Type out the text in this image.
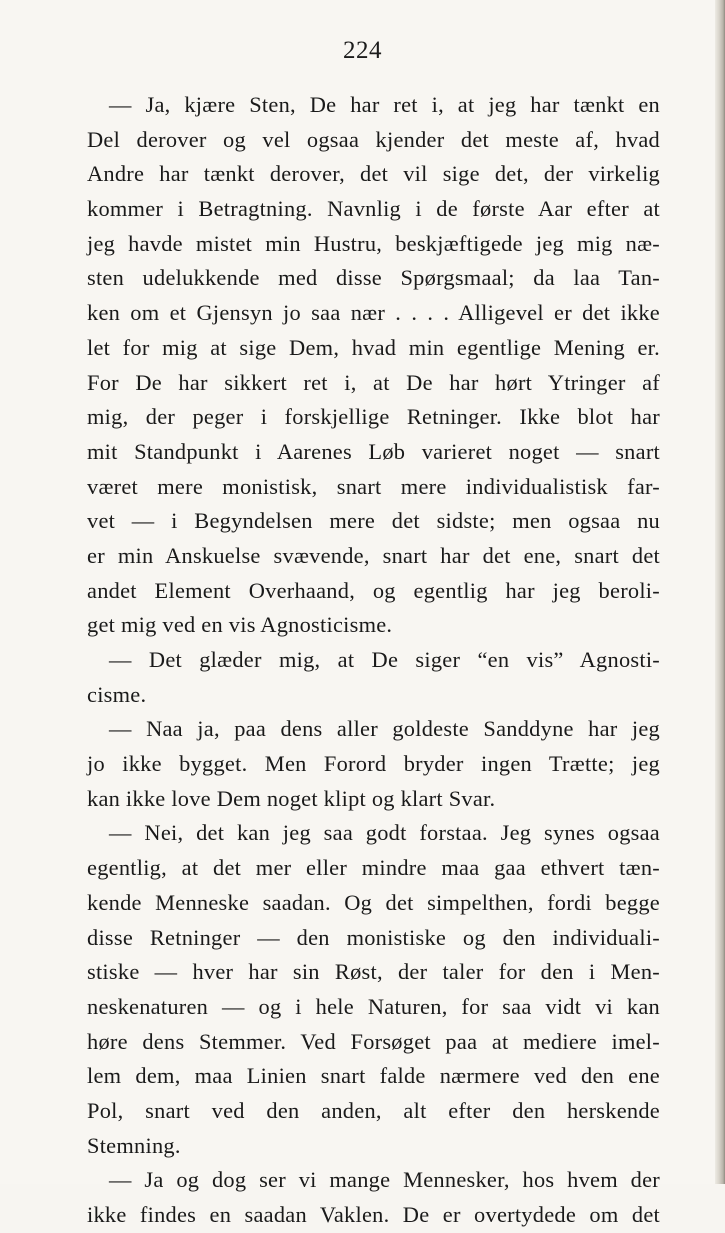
224
— Ja, kjære Sten, De har ret i, at jeg har tænkt en
Del derover og vel ogsaa kjender det meste af, hvad
Andre har tænkt derover, det vil sige det, der virkelig
kommer i Betragtning. Navnlig i de første Aar efter at
jeg havde mistet min Hustru, beskjæftigede jeg mig næ-
sten udelukkende med disse Spørgsmaal; da laa Tan-
ken om et Gjensyn jo saa nær . . . . Alligevel er det ikke
let for mig at sige Dem, hvad min egentlige Mening er.
For De har sikkert ret i, at De har hørt Ytringer af
mig, der peger i forskjellige Retninger. Ikke blot har
mit Standpunkt i Aarenes Løb varieret noget — snart
været mere monistisk, snart mere individualistisk far-
vet — i Begyndelsen mere det sidste; men ogsaa nu
er min Anskuelse svævende, snart har det ene, snart det
andet Element Overhaand, og egentlig har jeg beroli-
get mig ved en vis Agnosticisme.
— Det glæder mig, at De siger “en vis” Agnosti-
cisme.
— Naa ja, paa dens aller goldeste Sanddyne har jeg
jo ikke bygget. Men Forord bryder ingen Trætte; jeg
kan ikke love Dem noget klipt og klart Svar.
— Nei, det kan jeg saa godt forstaa. Jeg synes ogsaa
egentlig, at det mer eller mindre maa gaa ethvert tæn-
kende Menneske saadan. Og det simpelthen, fordi begge
disse Retninger — den monistiske og den individuali-
stiske — hver har sin Røst, der taler for den i Men-
neskenaturen — og i hele Naturen, for saa vidt vi kan
høre dens Stemmer. Ved Forsøget paa at mediere imel-
lem dem, maa Linien snart falde nærmere ved den ene
Pol, snart ved den anden, alt efter den herskende
Stemning.
— Ja og dog ser vi mange Mennesker, hos hvem der
ikke findes en saadan Vaklen. De er overtydede om det
